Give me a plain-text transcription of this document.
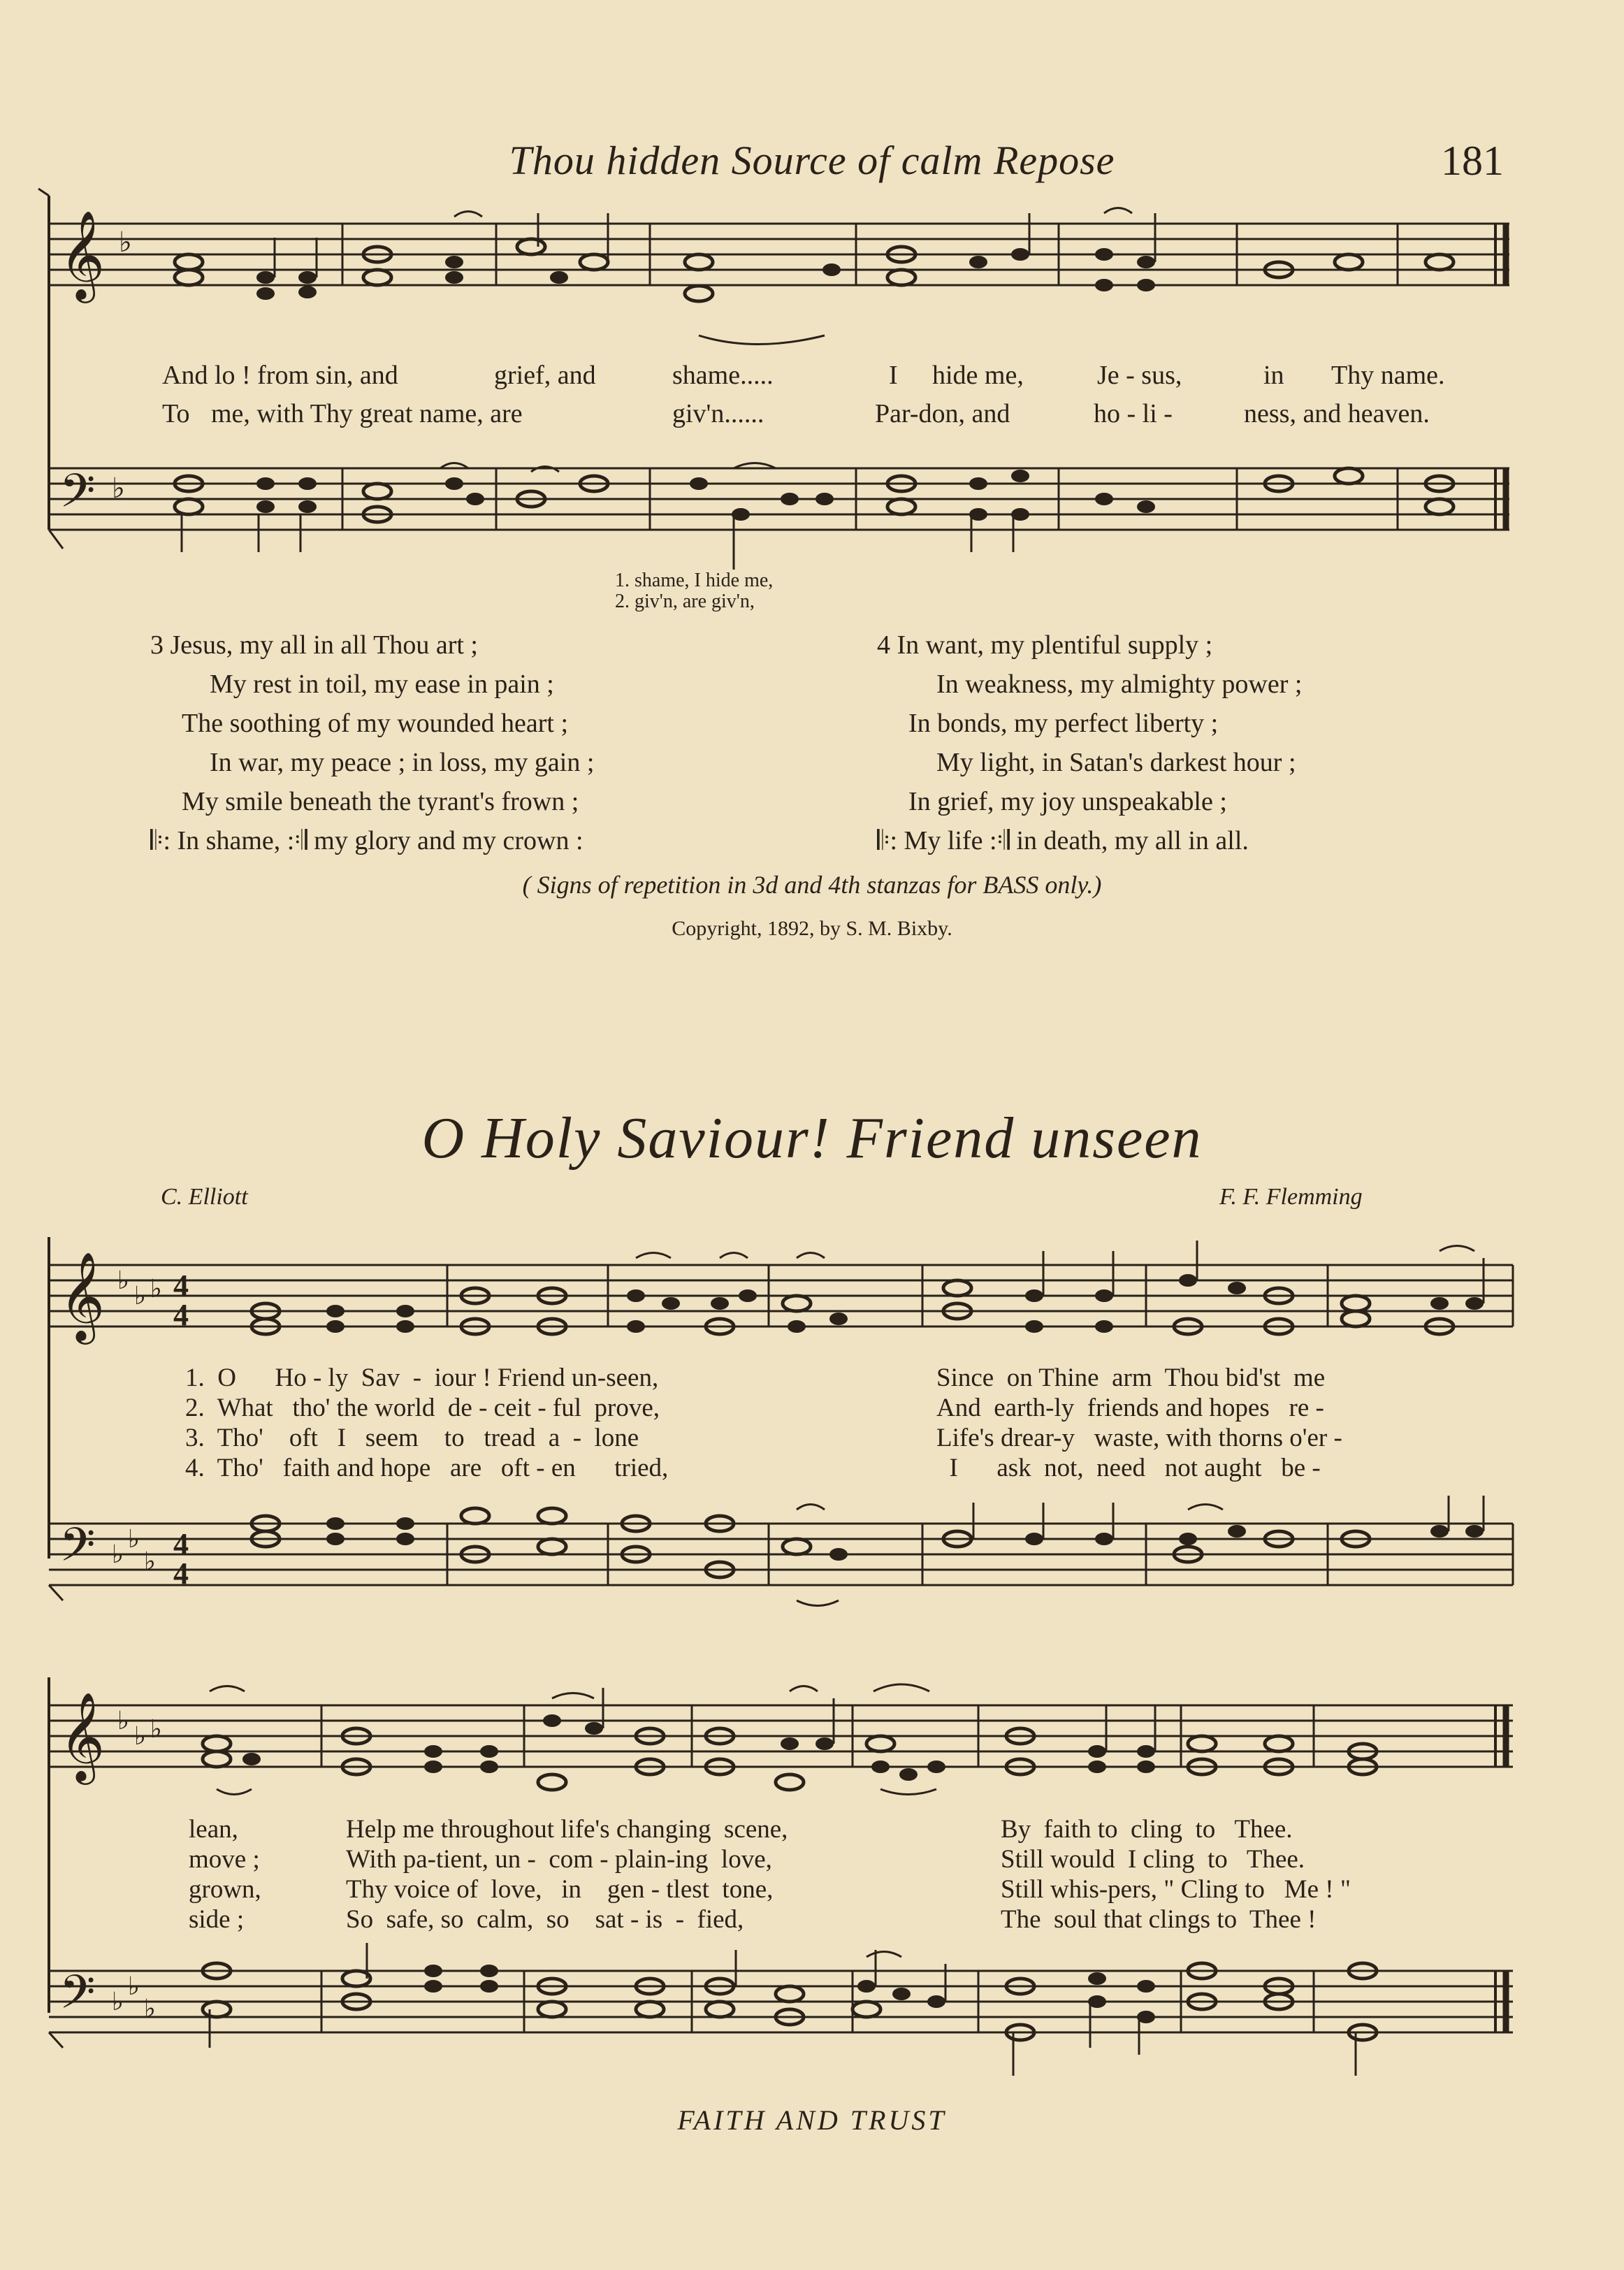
Thou hidden Source of calm Repose	181
𝄞 ♭
And lo ! from sin, and	grief, and	shame.....	I hide me,	Je - sus,	in Thy name.
To me, with Thy great name, are	giv'n......	Par-don, and	ho - li -	ness, and heaven.
𝄢 ♭
1. shame, I hide me,
2. giv'n, are giv'n,
3 Jesus, my all in all Thou art ;
My rest in toil, my ease in pain ;
The soothing of my wounded heart ;
In war, my peace ; in loss, my gain ;
My smile beneath the tyrant's frown ;
𝄆: In shame, :𝄇 my glory and my crown :
4 In want, my plentiful supply ;
In weakness, my almighty power ;
In bonds, my perfect liberty ;
My light, in Satan's darkest hour ;
In grief, my joy unspeakable ;
𝄆: My life :𝄇 in death, my all in all.
( Signs of repetition in 3d and 4th stanzas for BASS only.)
Copyright, 1892, by S. M. Bixby.
O Holy Saviour! Friend unseen
C. Elliott	F. F. Flemming
𝄞 ♭
♭ ♭ 4
4
1.  O      Ho - ly  Sav  -  iour ! Friend un-seen,
2.  What   tho' the world  de - ceit - ful  prove,
3.  Tho'    oft   I   seem    to   tread  a  -  lone
4.  Tho'   faith and hope   are   oft - en      tried,
Since  on Thine  arm  Thou bid'st  me
And  earth-ly  friends and hopes   re -
Life's drear-y   waste, with thorns o'er -
I      ask  not,  need   not aught   be -
𝄢 ♭
♭
♭ 4
4
𝄞 ♭
♭ ♭
lean,
move ;
grown,
side ;
Help me throughout life's changing  scene,
With pa-tient, un -  com - plain-ing  love,
Thy voice of  love,   in    gen - tlest  tone,
So  safe, so  calm,  so    sat - is  -  fied,
By  faith to  cling  to   Thee.
Still would  I cling  to   Thee.
Still whis-pers, " Cling to   Me ! "
The  soul that clings to  Thee !
𝄢 ♭
♭
♭
FAITH AND TRUST
